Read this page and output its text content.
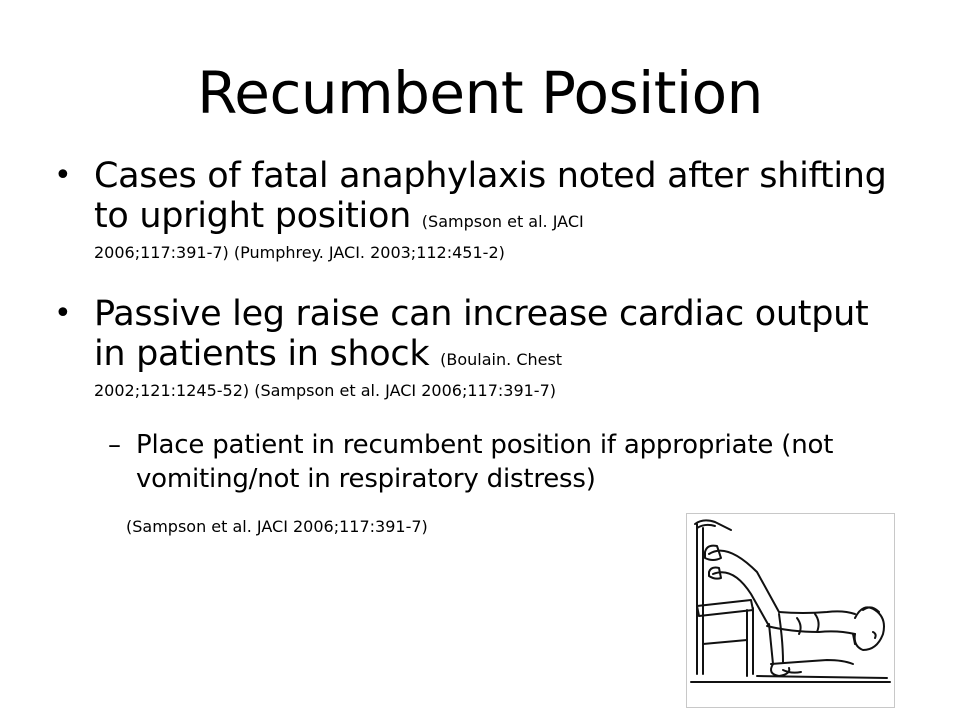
Recumbent Position
• Cases of fatal anaphylaxis noted after shifting to upright position (Sampson et al. JACI
2006;117:391-7) (Pumphrey. JACI. 2003;112:451-2)
• Passive leg raise can increase cardiac output in patients in shock (Boulain. Chest
2002;121:1245-52) (Sampson et al. JACI 2006;117:391-7)
– Place patient in recumbent position if appropriate (not vomiting/not in respiratory distress)
(Sampson et al. JACI 2006;117:391-7)
